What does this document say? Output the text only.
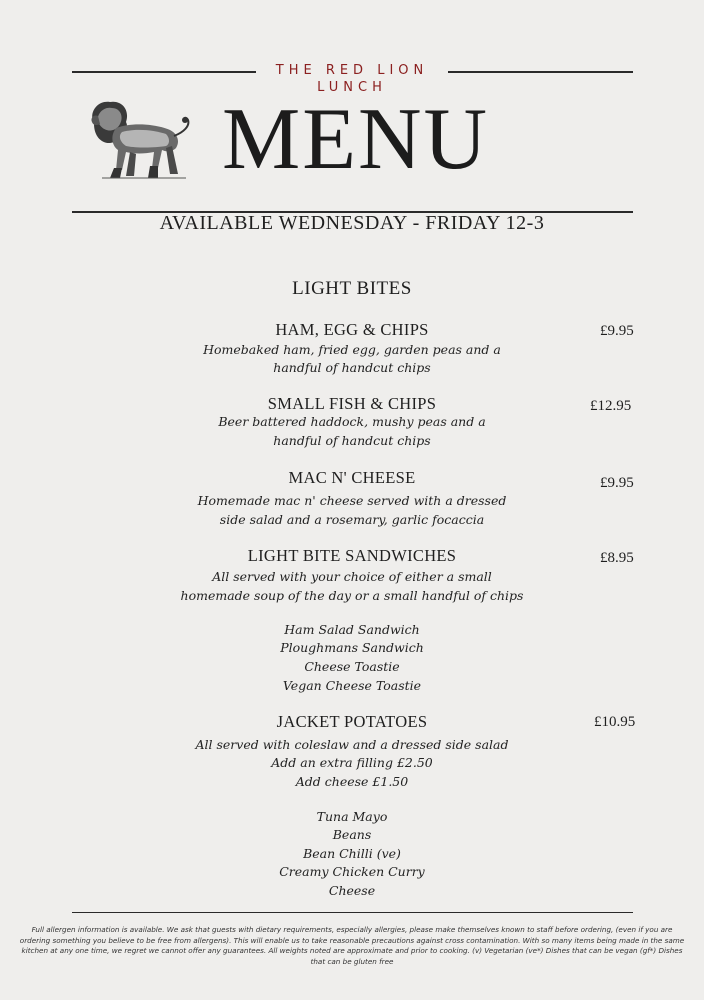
THE RED LION
LUNCH
MENU
AVAILABLE WEDNESDAY - FRIDAY 12-3
LIGHT BITES
HAM, EGG & CHIPS	£9.95
Homebaked ham, fried egg, garden peas and a
handful of handcut chips
SMALL FISH & CHIPS	£12.95
Beer battered haddock, mushy peas and a
handful of handcut chips
MAC N' CHEESE	£9.95
Homemade mac n' cheese served with a dressed
side salad and a rosemary, garlic focaccia
LIGHT BITE SANDWICHES	£8.95
All served with your choice of either a small
homemade soup of the day or a small handful of chips
Ham Salad Sandwich
Ploughmans Sandwich
Cheese Toastie
Vegan Cheese Toastie
JACKET POTATOES	£10.95
All served with coleslaw and a dressed side salad
Add an extra filling £2.50
Add cheese £1.50
Tuna Mayo
Beans
Bean Chilli (ve)
Creamy Chicken Curry
Cheese
Full allergen information is available. We ask that guests with dietary requirements, especially allergies, please make themselves known to staff before ordering, (even if you are ordering something you believe to be free from allergens). This will enable us to take reasonable precautions against cross contamination. With so many items being made in the same kitchen at any one time, we regret we cannot offer any guarantees. All weights noted are approximate and prior to cooking. (v) Vegetarian (ve*) Dishes that can be vegan (gf*) Dishes that can be gluten free
